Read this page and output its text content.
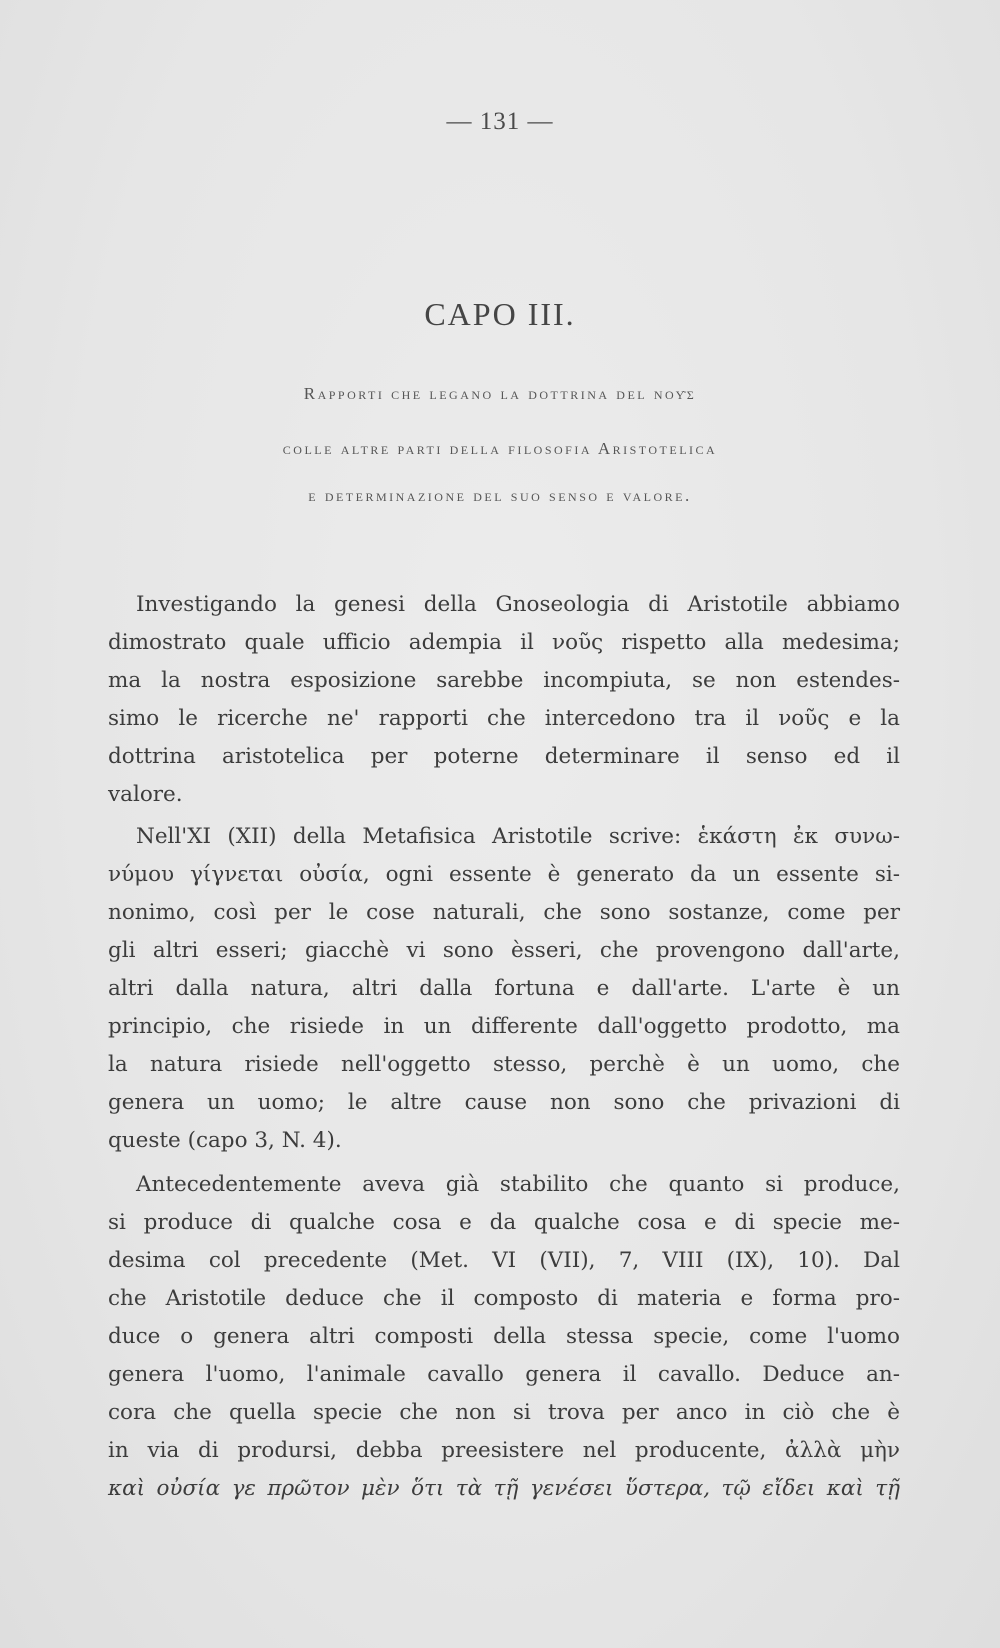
— 131 —
CAPO III.
Rapporti che legano la dottrina del νοῦς
colle altre parti della filosofia Aristotelica
e determinazione del suo senso e valore.
Investigando la genesi della Gnoseologia di Aristotile abbiamo
dimostrato quale ufficio adempia il νοῦς rispetto alla medesima;
ma la nostra esposizione sarebbe incompiuta, se non estendes-
simo le ricerche ne' rapporti che intercedono tra il νοῦς e la
dottrina aristotelica per poterne determinare il senso ed il
valore.
Nell'XI (XII) della Metafisica Aristotile scrive: ἑκάστη ἐκ συνω-
νύμου γίγνεται οὐσία, ogni essente è generato da un essente si-
nonimo, così per le cose naturali, che sono sostanze, come per
gli altri esseri; giacchè vi sono èsseri, che provengono dall'arte,
altri dalla natura, altri dalla fortuna e dall'arte. L'arte è un
principio, che risiede in un differente dall'oggetto prodotto, ma
la natura risiede nell'oggetto stesso, perchè è un uomo, che
genera un uomo; le altre cause non sono che privazioni di
queste (capo 3, N. 4).
Antecedentemente aveva già stabilito che quanto si produce,
si produce di qualche cosa e da qualche cosa e di specie me-
desima col precedente (Met. VI (VII), 7, VIII (IX), 10). Dal
che Aristotile deduce che il composto di materia e forma pro-
duce o genera altri composti della stessa specie, come l'uomo
genera l'uomo, l'animale cavallo genera il cavallo. Deduce an-
cora che quella specie che non si trova per anco in ciò che è
in via di prodursi, debba preesistere nel producente, ἀλλὰ μὴν
καὶ οὐσία γε πρῶτον μὲν ὅτι τὰ τῇ γενέσει ὕστερα, τῷ εἴδει καὶ τῇ
